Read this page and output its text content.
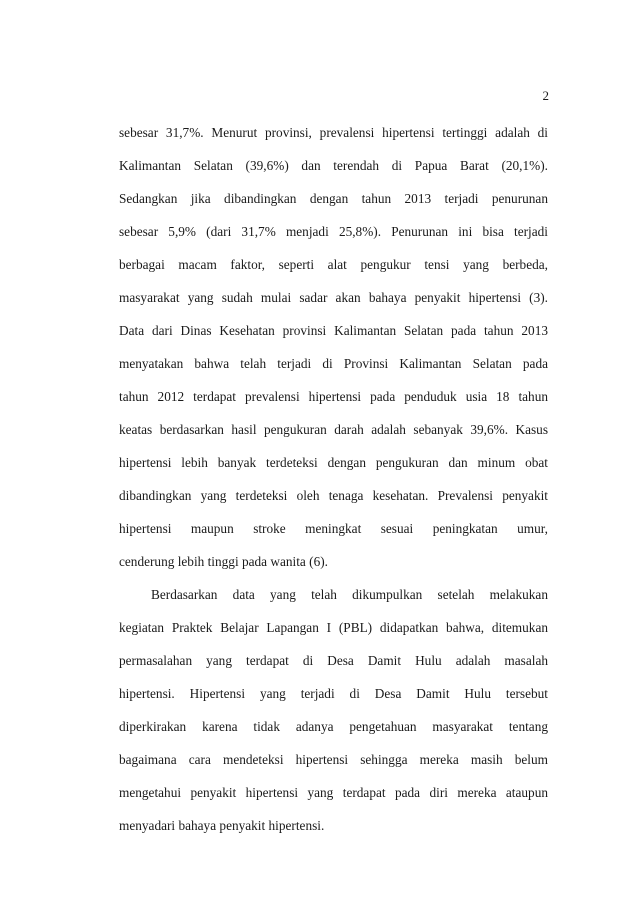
2
sebesar 31,7%. Menurut provinsi, prevalensi hipertensi tertinggi adalah di
Kalimantan Selatan (39,6%) dan terendah di Papua Barat (20,1%).
Sedangkan jika dibandingkan dengan tahun 2013 terjadi penurunan
sebesar 5,9% (dari 31,7% menjadi 25,8%). Penurunan ini bisa terjadi
berbagai macam faktor, seperti alat pengukur tensi yang berbeda,
masyarakat yang sudah mulai sadar akan bahaya penyakit hipertensi (3).
Data dari Dinas Kesehatan provinsi Kalimantan Selatan pada tahun 2013
menyatakan bahwa telah terjadi di Provinsi Kalimantan Selatan pada
tahun 2012 terdapat prevalensi hipertensi pada penduduk usia 18 tahun
keatas berdasarkan hasil pengukuran darah adalah sebanyak 39,6%. Kasus
hipertensi lebih banyak terdeteksi dengan pengukuran dan minum obat
dibandingkan yang terdeteksi oleh tenaga kesehatan. Prevalensi penyakit
hipertensi maupun stroke meningkat sesuai peningkatan umur,
cenderung lebih tinggi pada wanita (6).
Berdasarkan data yang telah dikumpulkan setelah melakukan
kegiatan Praktek Belajar Lapangan I (PBL) didapatkan bahwa, ditemukan
permasalahan yang terdapat di Desa Damit Hulu adalah masalah
hipertensi. Hipertensi yang terjadi di Desa Damit Hulu tersebut
diperkirakan karena tidak adanya pengetahuan masyarakat tentang
bagaimana cara mendeteksi hipertensi sehingga mereka masih belum
mengetahui penyakit hipertensi yang terdapat pada diri mereka ataupun
menyadari bahaya penyakit hipertensi.
